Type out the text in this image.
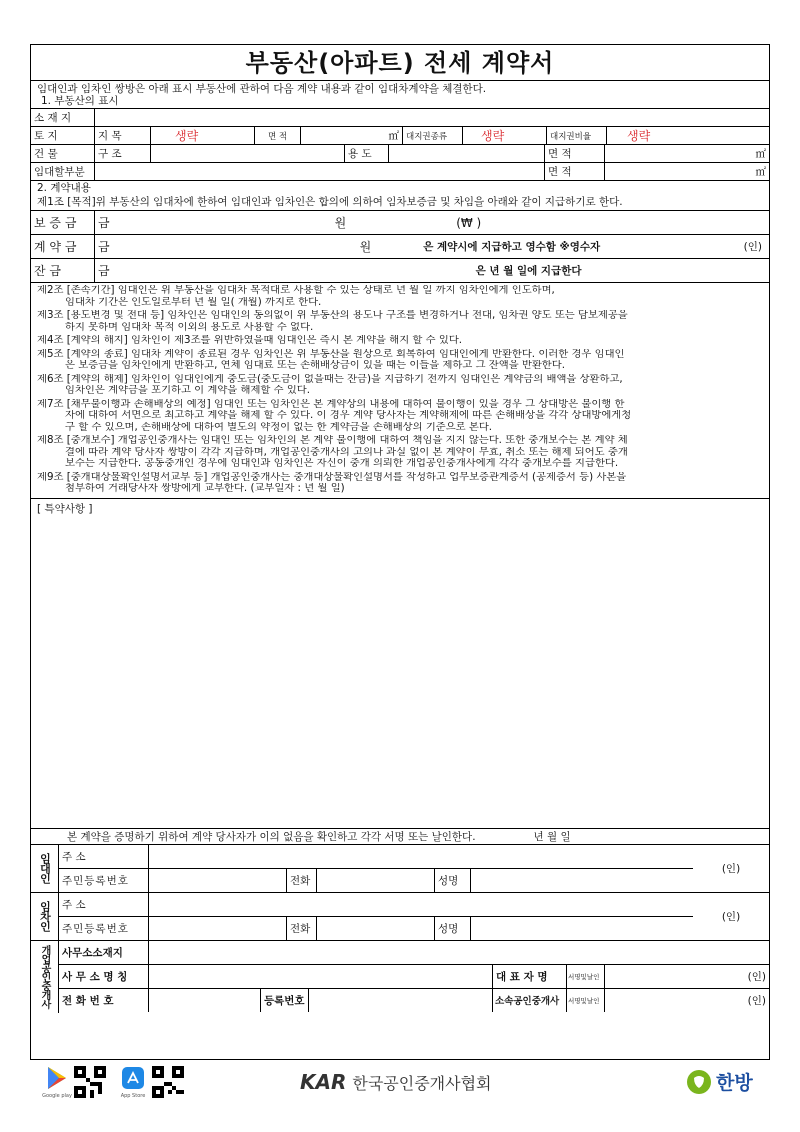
부동산(아파트) 전세 계약서
임대인과 임차인 쌍방은 아래 표시 부동산에 관하여 다음 계약 내용과 같이 임대차계약을 체결한다.
1. 부동산의 표시
소 재 지
토 지	지 목	생략	면 적	㎡ 대지권종류	생략	대지권비율	생략
건 물	구 조	용 도	면 적	㎡
임대할부분	면 적	㎡
2. 계약내용
제1조 [목적]위 부동산의 임대차에 한하여 임대인과 임차인은 합의에 의하여 임차보증금 및 차임을 아래와 같이 지급하기로 한다.
보 증 금	금	원	(₩ )
계 약 금	금	원	은 계약시에 지급하고 영수함 ※영수자	(인)
잔 금	금	은 년 월 일에 지급한다

제2조 [존속기간] 임대인은 위 부동산을 임대차 목적대로 사용할 수 있는 상태로 년 월 일 까지 임차인에게 인도하며,

임대차 기간은 인도일로부터 년 월 일( 개월) 까지로 한다.

제3조 [용도변경 및 전대 등] 임차인은 임대인의 동의없이 위 부동산의 용도나 구조를 변경하거나 전대, 임차권 양도 또는 담보제공을

하지 못하며 임대차 목적 이외의 용도로 사용할 수 없다.

제4조 [계약의 해지] 임차인이 제3조를 위반하였을때 임대인은 즉시 본 계약을 해지 할 수 있다.

제5조 [계약의 종료] 임대차 계약이 종료된 경우 임차인은 위 부동산을 원상으로 회복하여 임대인에게 반환한다. 이러한 경우 임대인

은 보증금을 임차인에게 반환하고, 연체 임대료 또는 손해배상금이 있을 때는 이들을 제하고 그 잔액을 반환한다.

제6조 [계약의 해제] 임차인이 임대인에게 중도금(중도금이 없을때는 잔금)을 지급하기 전까지 임대인은 계약금의 배액을 상환하고,

임차인은 계약금을 포기하고 이 계약을 해제할 수 있다.

제7조 [채무불이행과 손해배상의 예정] 임대인 또는 임차인은 본 계약상의 내용에 대하여 불이행이 있을 경우 그 상대방은 불이행 한

자에 대하여 서면으로 최고하고 계약을 해제 할 수 있다. 이 경우 계약 당사자는 계약해제에 따른 손해배상을 각각 상대방에게청

구 할 수 있으며, 손해배상에 대하여 별도의 약정이 없는 한 계약금을 손해배상의 기준으로 본다.

제8조 [중개보수] 개업공인중개사는 임대인 또는 임차인의 본 계약 불이행에 대하여 책임을 지지 않는다. 또한 중개보수는 본 계약 체

결에 따라 계약 당사자 쌍방이 각각 지급하며, 개업공인중개사의 고의나 과실 없이 본 계약이 무효, 취소 또는 해제 되어도 중개

보수는 지급한다. 공동중개인 경우에 임대인과 임차인은 자신이 중개 의뢰한 개업공인중개사에게 각각 중개보수를 지급한다.

제9조 [중개대상물확인설명서교부 등] 개업공인중개사는 중개대상물확인설명서를 작성하고 업무보증관계증서 (공제증서 등) 사본을

첨부하여 거래당사자 쌍방에게 교부한다. (교부일자 : 년 월 일)

[ 특약사항 ]
본 계약을 증명하기 위하여 계약 당사자가 이의 없음을 확인하고 각각 서명 또는 날인한다.	년 월 일
임대인 주 소
주민등록번호	전화	성명
(인)
임차인 주 소
주민등록번호	전화	성명
(인)
개업공인중개사 사무소소재지
사 무 소 명 칭	대 표 자 명	서명및날인	(인)
전 화 번 호	등록번호	소속공인중개사	서명및날인	(인)
Google play	App Store
KAR 한국공인중개사협회	한방
